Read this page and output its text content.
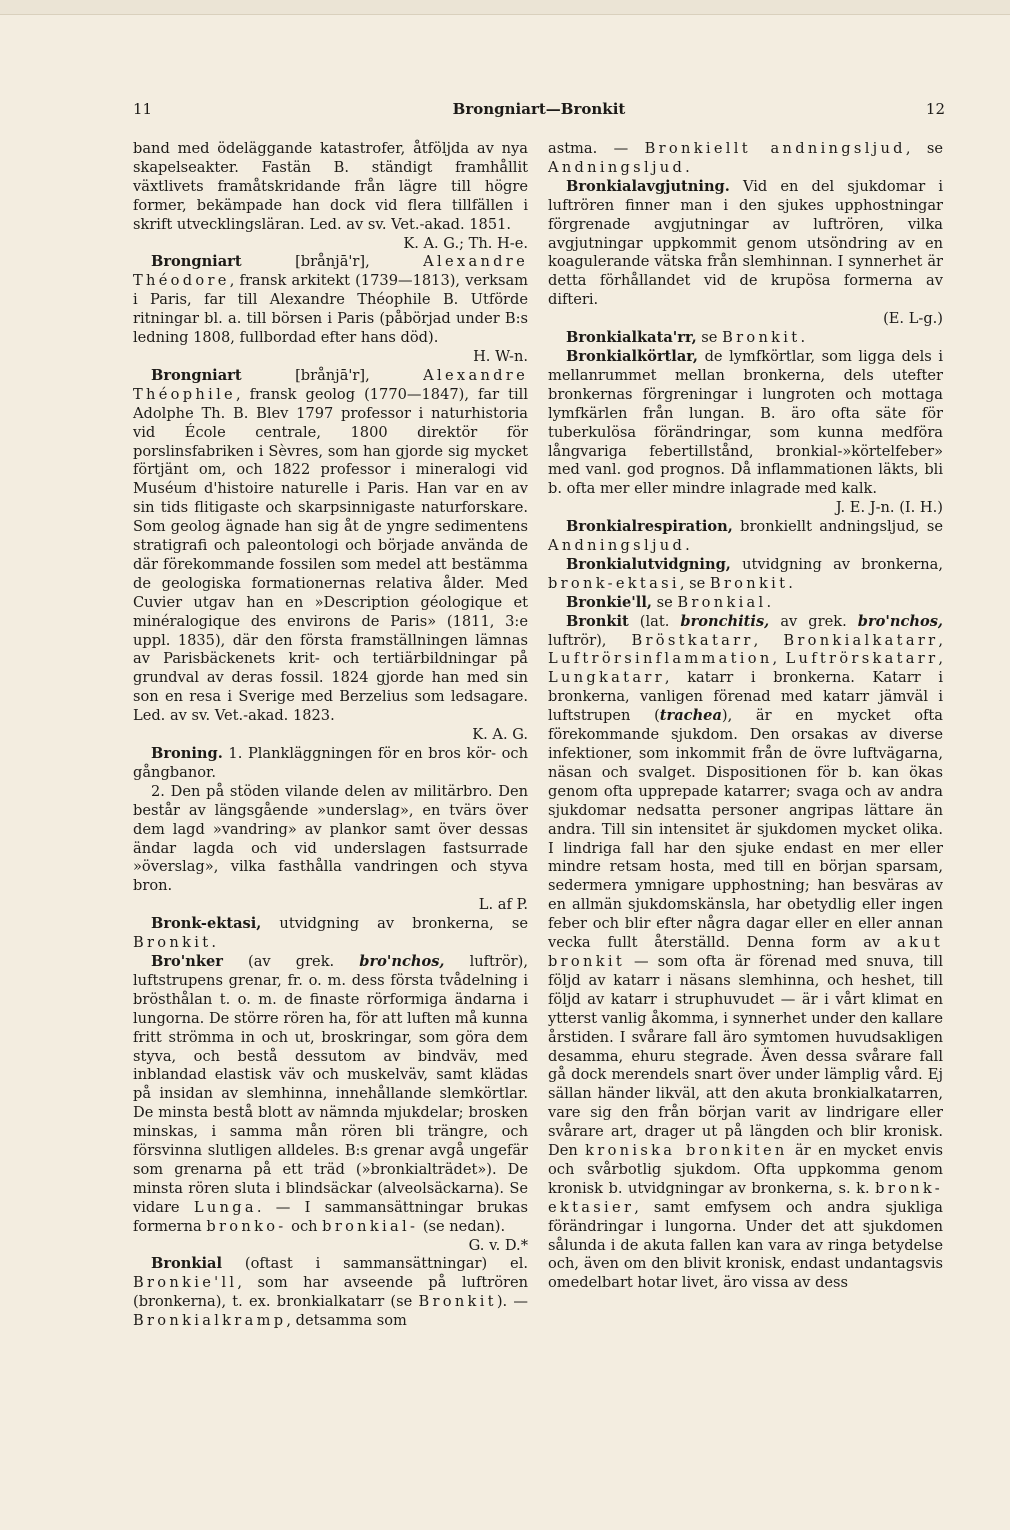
11	Brongniart—Bronkit	12

band med ödeläggande katastrofer, åtföljda av nya skapelseakter. Fastän B. ständigt framhållit växtlivets framåtskridande från lägre till högre former, bekämpade han dock vid flera tillfällen i skrift utvecklingsläran. Led. av sv. Vet.-akad. 1851.

K. A. G.; Th. H-e.

Brongniart [brånjā'r], Alexandre Théodore, fransk arkitekt (1739—1813), verksam i Paris, far till Alexandre Théophile B. Utförde ritningar bl. a. till börsen i Paris (påbörjad under B:s ledning 1808, fullbordad efter hans död).

H. W-n.

Brongniart [brånjā'r], Alexandre Théophile, fransk geolog (1770—1847), far till Adolphe Th. B. Blev 1797 professor i naturhistoria vid École centrale, 1800 direktör för porslinsfabriken i Sèvres, som han gjorde sig mycket förtjänt om, och 1822 professor i mineralogi vid Muséum d'histoire naturelle i Paris. Han var en av sin tids flitigaste och skarpsinnigaste naturforskare. Som geolog ägnade han sig åt de yngre sedimentens stratigrafi och paleontologi och började använda de där förekommande fossilen som medel att bestämma de geologiska formationernas relativa ålder. Med Cuvier utgav han en »Description géologique et minéralogique des environs de Paris» (1811, 3:e uppl. 1835), där den första framställningen lämnas av Parisbäckenets krit- och tertiärbildningar på grundval av deras fossil. 1824 gjorde han med sin son en resa i Sverige med Berzelius som ledsagare. Led. av sv. Vet.-akad. 1823.

K. A. G.

Broning. 1. Plankläggningen för en bros kör- och gångbanor.

2. Den på stöden vilande delen av militärbro. Den består av längsgående »underslag», en tvärs över dem lagd »vandring» av plankor samt över dessas ändar lagda och vid underslagen fastsurrade »överslag», vilka fasthålla vandringen och styva bron.

L. af P.

Bronk-ektasi, utvidgning av bronkerna, se Bronkit.

Bro'nker (av grek. bro'nchos, luftrör), luftstrupens grenar, fr. o. m. dess första tvådelning i brösthålan t. o. m. de finaste rörformiga ändarna i lungorna. De större rören ha, för att luften må kunna fritt strömma in och ut, broskringar, som göra dem styva, och bestå dessutom av bindväv, med inblandad elastisk väv och muskelväv, samt klädas på insidan av slemhinna, innehållande slemkörtlar. De minsta bestå blott av nämnda mjukdelar; brosken minskas, i samma mån rören bli trängre, och försvinna slutligen alldeles. B:s grenar avgå ungefär som grenarna på ett träd (»bronkialträdet»). De minsta rören sluta i blindsäckar (alveolsäckarna). Se vidare Lunga. — I sammansättningar brukas formerna bronko- och bronkial- (se nedan).

G. v. D.*

Bronkial (oftast i sammansättningar) el. Bronkie'll, som har avseende på luftrören (bronkerna), t. ex. bronkialkatarr (se Bronkit). — Bronkialkramp, detsamma som

astma. — Bronkiellt andningsljud, se Andningsljud.

Bronkialavgjutning. Vid en del sjukdomar i luftrören finner man i den sjukes upphostningar förgrenade avgjutningar av luftrören, vilka avgjutningar uppkommit genom utsöndring av en koagulerande vätska från slemhinnan. I synnerhet är detta förhållandet vid de krupösa formerna av difteri.

(E. L-g.)

Bronkialkata'rr, se Bronkit.

Bronkialkörtlar, de lymfkörtlar, som ligga dels i mellanrummet mellan bronkerna, dels utefter bronkernas förgreningar i lungroten och mottaga lymfkärlen från lungan. B. äro ofta säte för tuberkulösa förändringar, som kunna medföra långvariga febertillstånd, bronkial-»körtelfeber» med vanl. god prognos. Då inflammationen läkts, bli b. ofta mer eller mindre inlagrade med kalk.

J. E. J-n. (I. H.)

Bronkialrespiration, bronkiellt andningsljud, se Andningsljud.

Bronkialutvidgning, utvidgning av bronkerna, bronk-ektasi, se Bronkit.

Bronkie'll, se Bronkial.

Bronkit (lat. bronchitis, av grek. bro'nchos, luftrör), Bröstkatarr, Bronkialkatarr, Luftrörsinflammation, Luftrörskatarr, Lungkatarr, katarr i bronkerna. Katarr i bronkerna, vanligen förenad med katarr jämväl i luftstrupen (trachea), är en mycket ofta förekommande sjukdom. Den orsakas av diverse infektioner, som inkommit från de övre luftvägarna, näsan och svalget. Dispositionen för b. kan ökas genom ofta upprepade katarrer; svaga och av andra sjukdomar nedsatta personer angripas lättare än andra. Till sin intensitet är sjukdomen mycket olika. I lindriga fall har den sjuke endast en mer eller mindre retsam hosta, med till en början sparsam, sedermera ymnigare upphostning; han besväras av en allmän sjukdomskänsla, har obetydlig eller ingen feber och blir efter några dagar eller en eller annan vecka fullt återställd. Denna form av akut bronkit — som ofta är förenad med snuva, till följd av katarr i näsans slemhinna, och heshet, till följd av katarr i struphuvudet — är i vårt klimat en ytterst vanlig åkomma, i synnerhet under den kallare årstiden. I svårare fall äro symtomen huvudsakligen desamma, ehuru stegrade. Även dessa svårare fall gå dock merendels snart över under lämplig vård. Ej sällan händer likväl, att den akuta bronkialkatarren, vare sig den från början varit av lindrigare eller svårare art, drager ut på längden och blir kronisk. Den kroniska bronkiten är en mycket envis och svårbotlig sjukdom. Ofta uppkomma genom kronisk b. utvidgningar av bronkerna, s. k. bronk-ektasier, samt emfysem och andra sjukliga förändringar i lungorna. Under det att sjukdomen sålunda i de akuta fallen kan vara av ringa betydelse och, även om den blivit kronisk, endast undantagsvis omedelbart hotar livet, äro vissa av dess
